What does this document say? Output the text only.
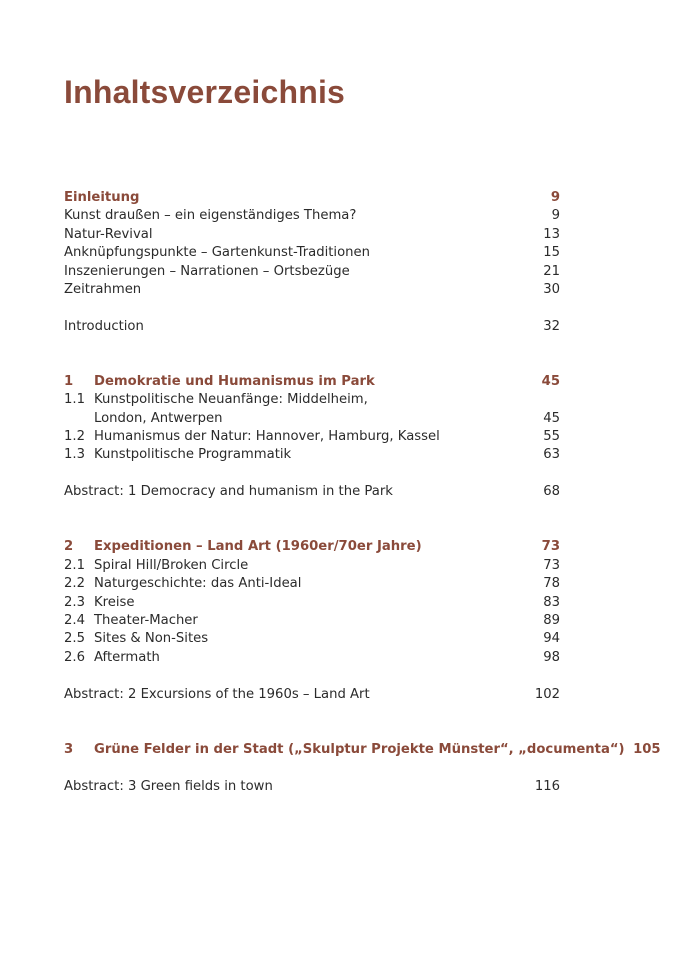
Inhaltsverzeichnis
Einleitung	9
Kunst draußen – ein eigenständiges Thema?	9
Natur-Revival	13
Anknüpfungspunkte – Gartenkunst-Traditionen	15
Inszenierungen – Narrationen – Ortsbezüge	21
Zeitrahmen	30
Introduction	32
1	Demokratie und Humanismus im Park	45
1.1 Kunstpolitische Neuanfänge: Middelheim,
London, Antwerpen	45
1.2 Humanismus der Natur: Hannover, Hamburg, Kassel	55
1.3 Kunstpolitische Programmatik	63
Abstract: 1 Democracy and humanism in the Park	68
2	Expeditionen – Land Art (1960er/70er Jahre)	73
2.1 Spiral Hill/Broken Circle	73
2.2 Naturgeschichte: das Anti-Ideal	78
2.3 Kreise	83
2.4 Theater-Macher	89
2.5 Sites & Non-Sites	94
2.6 Aftermath	98
Abstract: 2 Excursions of the 1960s – Land Art	102
3	Grüne Felder in der Stadt („Skulptur Projekte Münster“, „documenta“) 105
Abstract: 3 Green fields in town	116
